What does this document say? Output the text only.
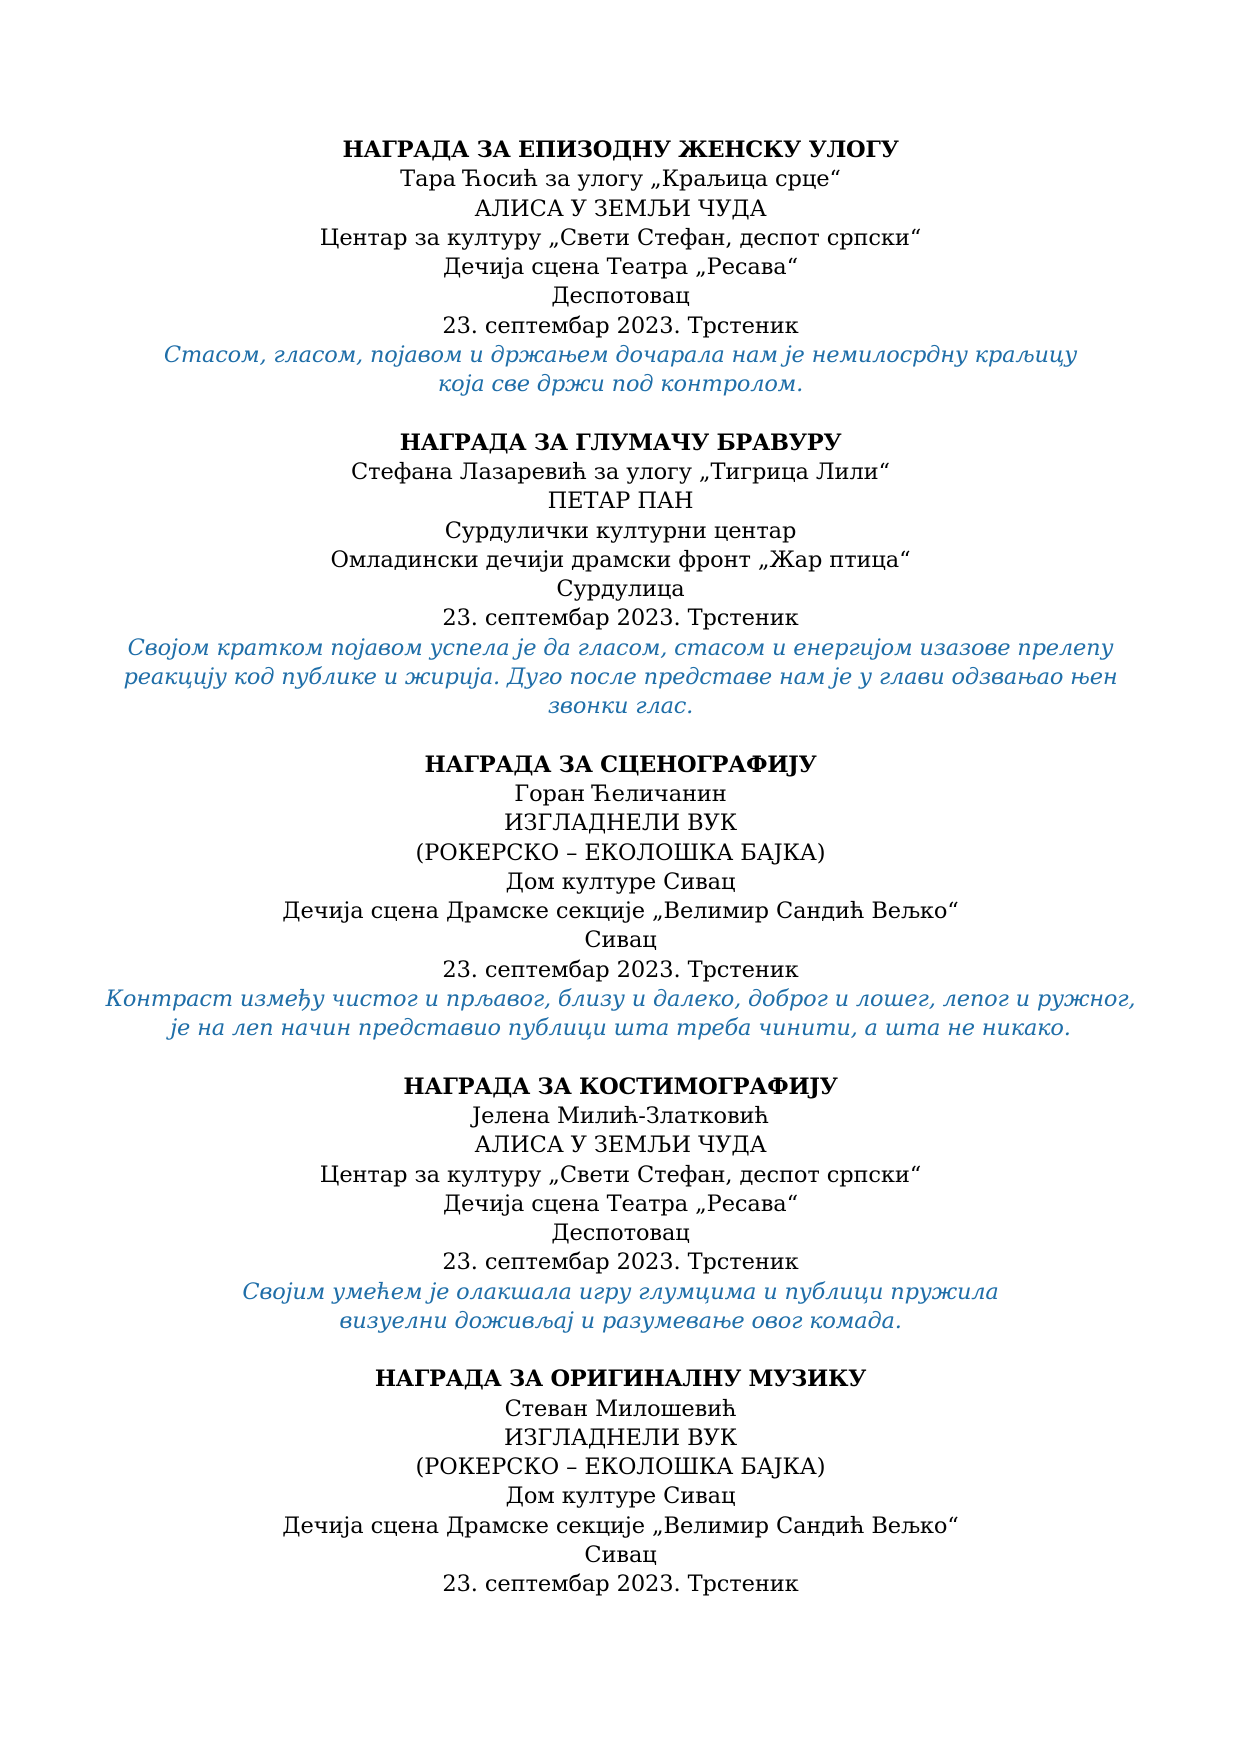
НАГРАДА ЗА ЕПИЗОДНУ ЖЕНСКУ УЛОГУ
Тара Ћосић за улогу „Краљица срце“
АЛИСА У ЗЕМЉИ ЧУДА
Центар за културу „Свети Стефан, деспот српски“
Дечија сцена Театра „Ресава“
Деспотовац
23. септембар 2023. Трстеник
Стасом, гласом, појавом и држањем дочарала нам је немилосрдну краљицу
која све држи под контролом.
НАГРАДА ЗА ГЛУМАЧУ БРАВУРУ
Стефана Лазаревић за улогу „Тигрица Лили“
ПЕТАР ПАН
Сурдулички културни центар
Омладински дечији драмски фронт „Жар птица“
Сурдулица
23. септембар 2023. Трстеник
Својом кратком појавом успела је да гласом, стасом и енергијом изазове прелепу
реакцију код публике и жирија. Дуго после представе нам је у глави одзвањао њен
звонки глас.
НАГРАДА ЗА СЦЕНОГРАФИЈУ
Горан Ћеличанин
ИЗГЛАДНЕЛИ ВУК
(РОКЕРСКО – ЕКОЛОШКА БАЈКА)
Дом културе Сивац
Дечија сцена Драмске секције „Велимир Сандић Вељко“
Сивац
23. септембар 2023. Трстеник
Контраст између чистог и прљавог, близу и далеко, доброг и лошег, лепог и ружног,
је на леп начин представио публици шта треба чинити, а шта не никако.
НАГРАДА ЗА КОСТИМОГРАФИЈУ
Јелена Милић-Златковић
АЛИСА У ЗЕМЉИ ЧУДА
Центар за културу „Свети Стефан, деспот српски“
Дечија сцена Театра „Ресава“
Деспотовац
23. септембар 2023. Трстеник
Својим умећем је олакшала игру глумцима и публици пружила
визуелни доживљај и разумевање овог комада.
НАГРАДА ЗА ОРИГИНАЛНУ МУЗИКУ
Стеван Милошевић
ИЗГЛАДНЕЛИ ВУК
(РОКЕРСКО – ЕКОЛОШКА БАЈКА)
Дом културе Сивац
Дечија сцена Драмске секције „Велимир Сандић Вељко“
Сивац
23. септембар 2023. Трстеник
